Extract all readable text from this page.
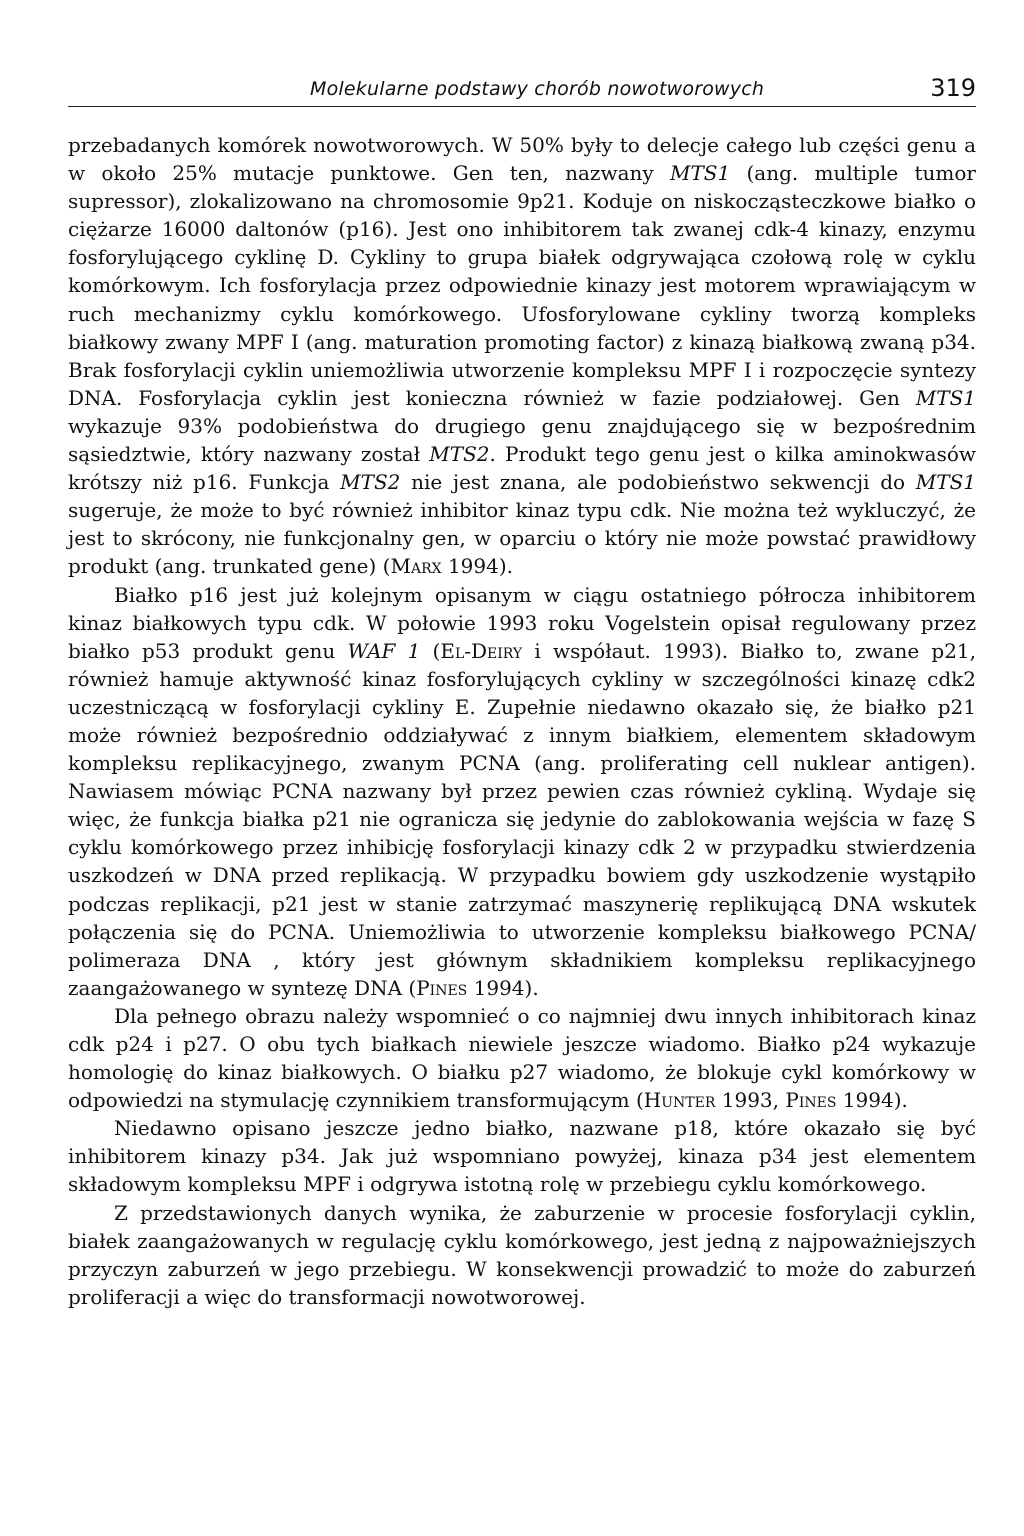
Molekularne podstawy chorób nowotworowych	319

przebadanych komórek nowotworowych. W 50% były to delecje całego lub części genu a w około 25% mutacje punktowe. Gen ten, nazwany MTS1 (ang. multiple tumor supressor), zlokalizowano na chromosomie 9p21. Koduje on niskocząsteczkowe białko o ciężarze 16000 daltonów (p16). Jest ono inhibitorem tak zwanej cdk-4 kinazy, enzymu fosforylującego cyklinę D. Cykliny to grupa białek odgrywająca czołową rolę w cyklu komórkowym. Ich fosforylacja przez odpowiednie kinazy jest motorem wprawiającym w ruch mechanizmy cyklu komórkowego. Ufosforylowane cykliny tworzą kompleks białkowy zwany MPF I (ang. maturation promoting factor) z kinazą białkową zwaną p34. Brak fosforylacji cyklin uniemożliwia utworzenie kompleksu MPF I i rozpoczęcie syntezy DNA. Fosforylacja cyklin jest konieczna również w fazie podziałowej. Gen MTS1 wykazuje 93% podobieństwa do drugiego genu znajdującego się w bezpośrednim sąsiedztwie, który nazwany został MTS2. Produkt tego genu jest o kilka aminokwasów krótszy niż p16. Funkcja MTS2 nie jest znana, ale podobieństwo sekwencji do MTS1 sugeruje, że może to być również inhibitor kinaz typu cdk. Nie można też wykluczyć, że jest to skrócony, nie funkcjonalny gen, w oparciu o który nie może powstać prawidłowy produkt (ang. trunkated gene) (Marx 1994).

Białko p16 jest już kolejnym opisanym w ciągu ostatniego półrocza inhibitorem kinaz białkowych typu cdk. W połowie 1993 roku Vogelstein opisał regulowany przez białko p53 produkt genu WAF 1 (El-Deiry i współaut. 1993). Białko to, zwane p21, również hamuje aktywność kinaz fosforylujących cykliny w szczególności kinazę cdk2 uczestniczącą w fosforylacji cykliny E. Zupełnie niedawno okazało się, że białko p21 może również bezpośrednio oddziaływać z innym białkiem, elementem składowym kompleksu replikacyjnego, zwanym PCNA (ang. proliferating cell nuklear antigen). Nawiasem mówiąc PCNA nazwany był przez pewien czas również cykliną. Wydaje się więc, że funkcja białka p21 nie ogranicza się jedynie do zablokowania wejścia w fazę S cyklu komórkowego przez inhibicję fosforylacji kinazy cdk 2 w przypadku stwierdzenia uszkodzeń w DNA przed replikacją. W przypadku bowiem gdy uszkodzenie wystąpiło podczas replikacji, p21 jest w stanie zatrzymać maszynerię replikującą DNA wskutek połączenia się do PCNA. Uniemożliwia to utworzenie kompleksu białkowego PCNA/ polimeraza DNA , który jest głównym składnikiem kompleksu replikacyjnego zaangażowanego w syntezę DNA (Pines 1994).

Dla pełnego obrazu należy wspomnieć o co najmniej dwu innych inhibitorach kinaz cdk p24 i p27. O obu tych białkach niewiele jeszcze wiadomo. Białko p24 wykazuje homologię do kinaz białkowych. O białku p27 wiadomo, że blokuje cykl komórkowy w odpowiedzi na stymulację czynnikiem transformującym (Hunter 1993, Pines 1994).

Niedawno opisano jeszcze jedno białko, nazwane p18, które okazało się być inhibitorem kinazy p34. Jak już wspomniano powyżej, kinaza p34 jest elementem składowym kompleksu MPF i odgrywa istotną rolę w przebiegu cyklu komórkowego.

Z przedstawionych danych wynika, że zaburzenie w procesie fosforylacji cyklin, białek zaangażowanych w regulację cyklu komórkowego, jest jedną z najpoważniejszych przyczyn zaburzeń w jego przebiegu. W konsekwencji prowadzić to może do zaburzeń proliferacji a więc do transformacji nowotworowej.
